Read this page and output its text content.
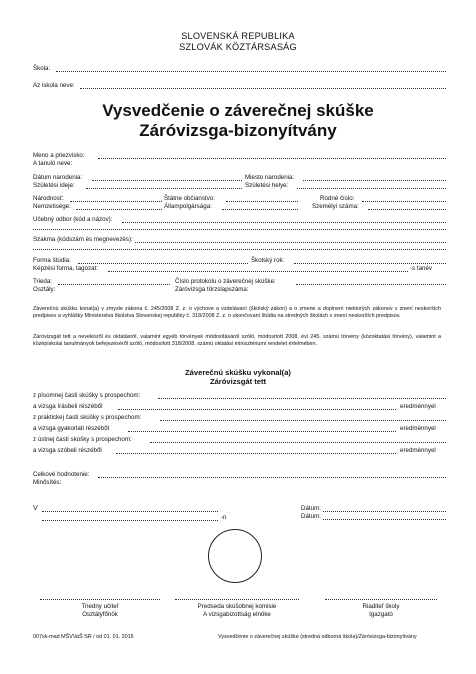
SLOVENSKÁ REPUBLIKA
SZLOVÁK KÖZTÁRSASÁG
Škola:
Az iskola neve:
Vysvedčenie o záverečnej skúške
Záróvizsga-bizonyítvány
Meno a priezvisko:
A tanuló neve:
Dátum narodenia:
Születési ideje:
Miesto narodenia:
Születési helye:
Národnosť:
Nemzetisége:
Štátne občianstvo:
Állampolgársága:
Rodné číslo:
Személyi száma:
Učebný odbor (kód a názov):
Szakma (kódszám és megnevezés):
Forma štúdia:	Školský rok:
Képzési forma, tagozat:	-s tanév
Trieda:
Osztály:
Číslo protokolu o záverečnej skúške:
Záróvizsga törzslapszáma:
Záverečnú skúšku konal(a) v zmysle zákona č. 245/2008 Z. z. o výchove a vzdelávaní (školský zákon) a o zmene a doplnení niektorých zákonov v znení neskorších predpisov a vyhlášky Ministerstva školstva Slovenskej republiky č. 318/2008 Z. z. o ukončovaní štúdia na stredných školách v znení neskorších predpisov.
Záróvizsgát tett a nevelésről és oktatásról, valamint egyéb törvények módosításáról szóló, módosított 2008. évi 245. számú törvény (közoktatási törvény), valamint a középiskolai tanulmányok befejezéséről szóló, módosított 318/2008. számú oktatási minisztériumi rendelet értelmében.
Záverečnú skúšku vykonal(a)
Záróvizsgát tett
z písomnej časti skúšky s prospechom:
a vizsga írásbeli részéből	eredménnyel
z praktickej časti skúšky s prospechom:
a vizsga gyakorlati részéből	eredménnyel
z ústnej časti skúšky s prospechom:
a vizsga szóbeli részéből	eredménnyel
Celkové hodnotenie:
Minősítés:
V
-n
Dátum:
Dátum:
Triedny učiteľ
Osztályfőnök
Predseda skúšobnej komisie
A vizsgabizottság elnöke
Riaditeľ školy
Igazgató
007sk-mad MŠVVaŠ SR / od 01. 01. 2015	Vysvedčenie o záverečnej skúške (stredná odborná škola)/Záróvizsga-bizonyítvány
